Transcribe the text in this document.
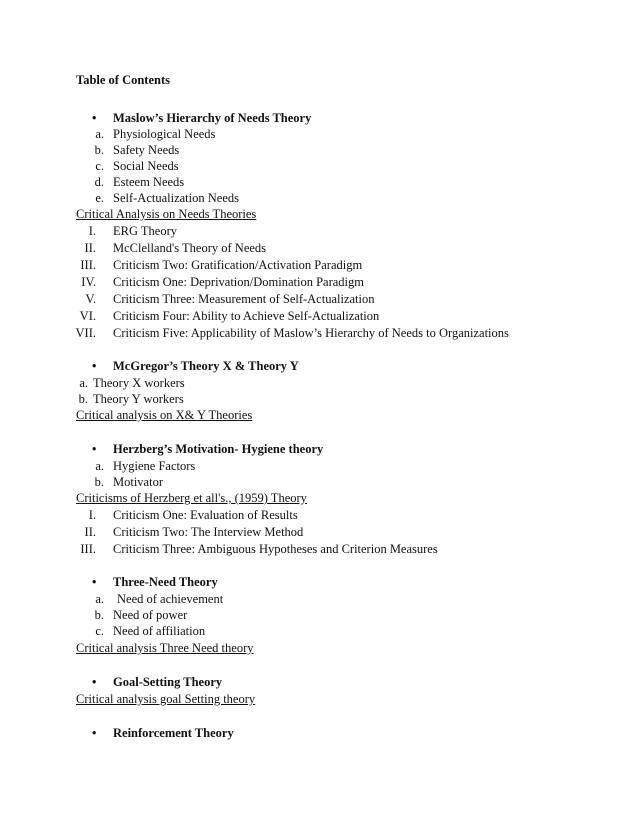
Table of Contents
• Maslow’s Hierarchy of Needs Theory
a. Physiological Needs
b. Safety Needs
c. Social Needs
d. Esteem Needs
e. Self-Actualization Needs
Critical Analysis on Needs Theories
I. ERG Theory
II. McClelland's Theory of Needs
III. Criticism Two: Gratification/Activation Paradigm
IV. Criticism One: Deprivation/Domination Paradigm
V. Criticism Three: Measurement of Self-Actualization
VI. Criticism Four: Ability to Achieve Self-Actualization
VII. Criticism Five: Applicability of Maslow’s Hierarchy of Needs to Organizations
• McGregor’s Theory X & Theory Y
a. Theory X workers
b. Theory Y workers
Critical analysis on X& Y Theories
• Herzberg’s Motivation- Hygiene theory
a. Hygiene Factors
b. Motivator
Criticisms of Herzberg et all's., (1959) Theory
I. Criticism One: Evaluation of Results
II. Criticism Two: The Interview Method
III. Criticism Three: Ambiguous Hypotheses and Criterion Measures
• Three-Need Theory
a. Need of achievement
b. Need of power
c. Need of affiliation
Critical analysis Three Need theory
• Goal-Setting Theory
Critical analysis goal Setting theory
• Reinforcement Theory
